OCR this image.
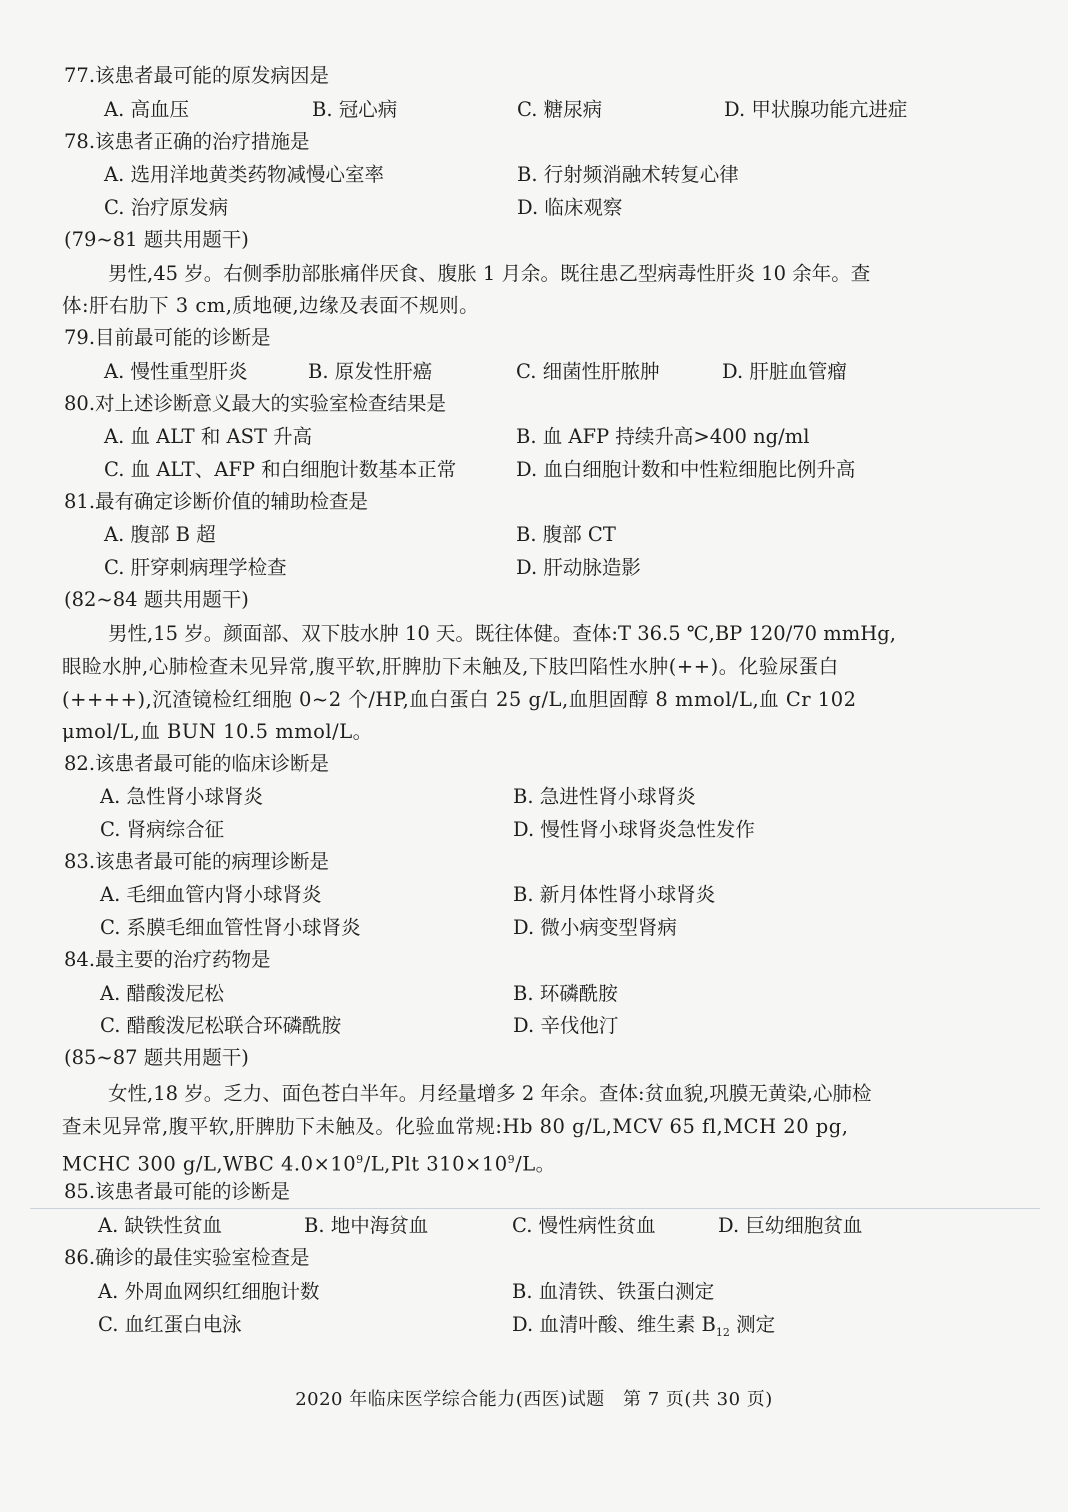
77.该患者最可能的原发病因是
A. 高血压	B. 冠心病	C. 糖尿病	D. 甲状腺功能亢进症
78.该患者正确的治疗措施是
A. 选用洋地黄类药物减慢心室率	B. 行射频消融术转复心律
C. 治疗原发病	D. 临床观察
(79~81 题共用题干)
男性,45 岁。右侧季肋部胀痛伴厌食、腹胀 1 月余。既往患乙型病毒性肝炎 10 余年。查
体:肝右肋下 3 cm,质地硬,边缘及表面不规则。
79.目前最可能的诊断是
A. 慢性重型肝炎	B. 原发性肝癌	C. 细菌性肝脓肿	D. 肝脏血管瘤
80.对上述诊断意义最大的实验室检查结果是
A. 血 ALT 和 AST 升高	B. 血 AFP 持续升高>400 ng/ml
C. 血 ALT、AFP 和白细胞计数基本正常	D. 血白细胞计数和中性粒细胞比例升高
81.最有确定诊断价值的辅助检查是
A. 腹部 B 超	B. 腹部 CT
C. 肝穿刺病理学检查	D. 肝动脉造影
(82~84 题共用题干)
男性,15 岁。颜面部、双下肢水肿 10 天。既往体健。查体:T 36.5 ℃,BP 120/70 mmHg,
眼睑水肿,心肺检查未见异常,腹平软,肝脾肋下未触及,下肢凹陷性水肿(++)。化验尿蛋白
(++++),沉渣镜检红细胞 0~2 个/HP,血白蛋白 25 g/L,血胆固醇 8 mmol/L,血 Cr 102
μmol/L,血 BUN 10.5 mmol/L。
82.该患者最可能的临床诊断是
A. 急性肾小球肾炎	B. 急进性肾小球肾炎
C. 肾病综合征	D. 慢性肾小球肾炎急性发作
83.该患者最可能的病理诊断是
A. 毛细血管内肾小球肾炎	B. 新月体性肾小球肾炎
C. 系膜毛细血管性肾小球肾炎	D. 微小病变型肾病
84.最主要的治疗药物是
A. 醋酸泼尼松	B. 环磷酰胺
C. 醋酸泼尼松联合环磷酰胺	D. 辛伐他汀
(85~87 题共用题干)
女性,18 岁。乏力、面色苍白半年。月经量增多 2 年余。查体:贫血貌,巩膜无黄染,心肺检
查未见异常,腹平软,肝脾肋下未触及。化验血常规:Hb 80 g/L,MCV 65 fl,MCH 20 pg,
MCHC 300 g/L,WBC $4.0\times 10^9/L,Plt$ $310\times 10^9/L$。
85.该患者最可能的诊断是
A. 缺铁性贫血	B. 地中海贫血	C. 慢性病性贫血	D. 巨幼细胞贫血
86.确诊的最佳实验室检查是
A. 外周血网织红细胞计数	B. 血清铁、铁蛋白测定
C. 血红蛋白电泳	D. 血清叶酸、维生素 $B_{12}$ 测定
2020 年临床医学综合能力(西医)试题 第 7 页(共 30 页)
